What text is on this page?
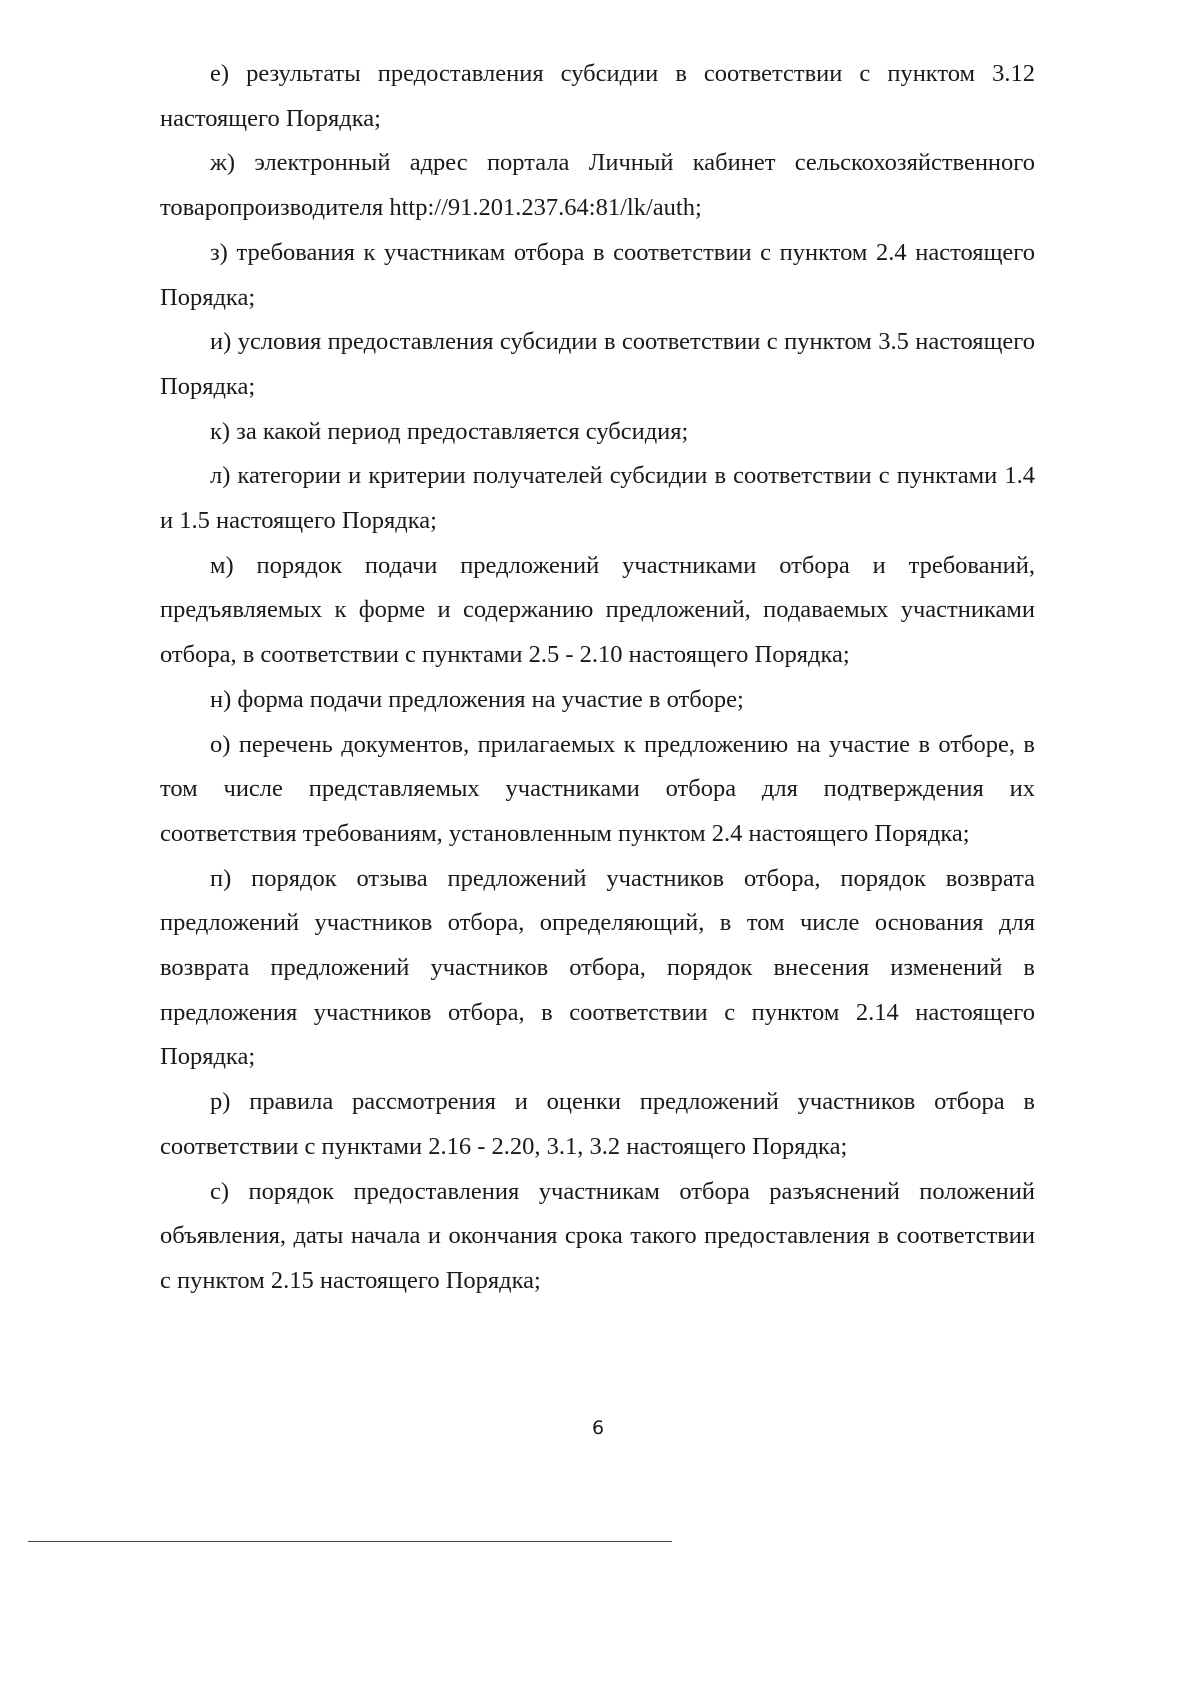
е) результаты предоставления субсидии в соответствии с пунктом 3.12 настоящего Порядка;

ж) электронный адрес портала Личный кабинет сельскохозяйственного товаропроизводителя http://91.201.237.64:81/lk/auth;

з) требования к участникам отбора в соответствии с пунктом 2.4 настоящего Порядка;

и) условия предоставления субсидии в соответствии с пунктом 3.5 настоящего Порядка;

к) за какой период предоставляется субсидия;

л) категории и критерии получателей субсидии в соответствии с пунктами 1.4 и 1.5 настоящего Порядка;

м) порядок подачи предложений участниками отбора и требований, предъявляемых к форме и содержанию предложений, подаваемых участниками отбора, в соответствии с пунктами 2.5 - 2.10 настоящего Порядка;

н) форма подачи предложения на участие в отборе;

о) перечень документов, прилагаемых к предложению на участие в отборе, в том числе представляемых участниками отбора для подтверждения их соответствия требованиям, установленным пунктом 2.4 настоящего Порядка;

п) порядок отзыва предложений участников отбора, порядок возврата предложений участников отбора, определяющий, в том числе основания для возврата предложений участников отбора, порядок внесения изменений в предложения участников отбора, в соответствии с пунктом 2.14 настоящего Порядка;

р) правила рассмотрения и оценки предложений участников отбора в соответствии с пунктами 2.16 - 2.20, 3.1, 3.2 настоящего Порядка;

с) порядок предоставления участникам отбора разъяснений положений объявления, даты начала и окончания срока такого предоставления в соответствии с пунктом 2.15 настоящего Порядка;

6
